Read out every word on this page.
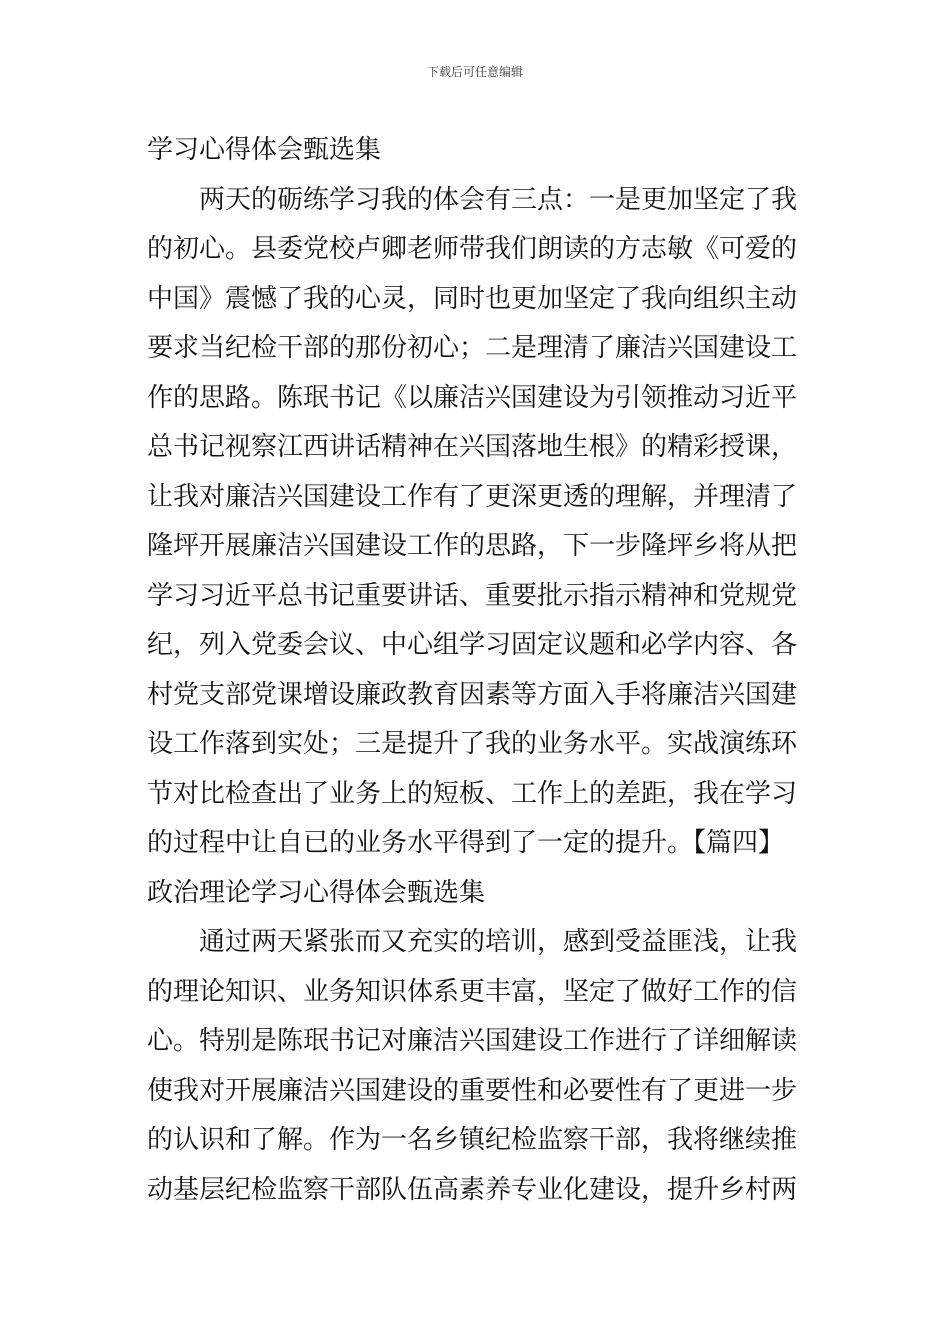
下载后可任意编辑
学习心得体会甄选集
两天的砺练学习我的体会有三点：一是更加坚定了我
的初心。县委党校卢卿老师带我们朗读的方志敏《可爱的
中国》震憾了我的心灵，同时也更加坚定了我向组织主动
要求当纪检干部的那份初心；二是理清了廉洁兴国建设工
作的思路。陈珉书记《以廉洁兴国建设为引领推动习近平
总书记视察江西讲话精神在兴国落地生根》的精彩授课，
让我对廉洁兴国建设工作有了更深更透的理解，并理清了
隆坪开展廉洁兴国建设工作的思路，下一步隆坪乡将从把
学习习近平总书记重要讲话、重要批示指示精神和党规党
纪，列入党委会议、中心组学习固定议题和必学内容、各
村党支部党课增设廉政教育因素等方面入手将廉洁兴国建
设工作落到实处；三是提升了我的业务水平。实战演练环
节对比检查出了业务上的短板、工作上的差距，我在学习
的过程中让自已的业务水平得到了一定的提升。【篇四】
政治理论学习心得体会甄选集
通过两天紧张而又充实的培训，感到受益匪浅，让我
的理论知识、业务知识体系更丰富，坚定了做好工作的信
心。特别是陈珉书记对廉洁兴国建设工作进行了详细解读
使我对开展廉洁兴国建设的重要性和必要性有了更进一步
的认识和了解。作为一名乡镇纪检监察干部，我将继续推
动基层纪检监察干部队伍高素养专业化建设，提升乡村两
